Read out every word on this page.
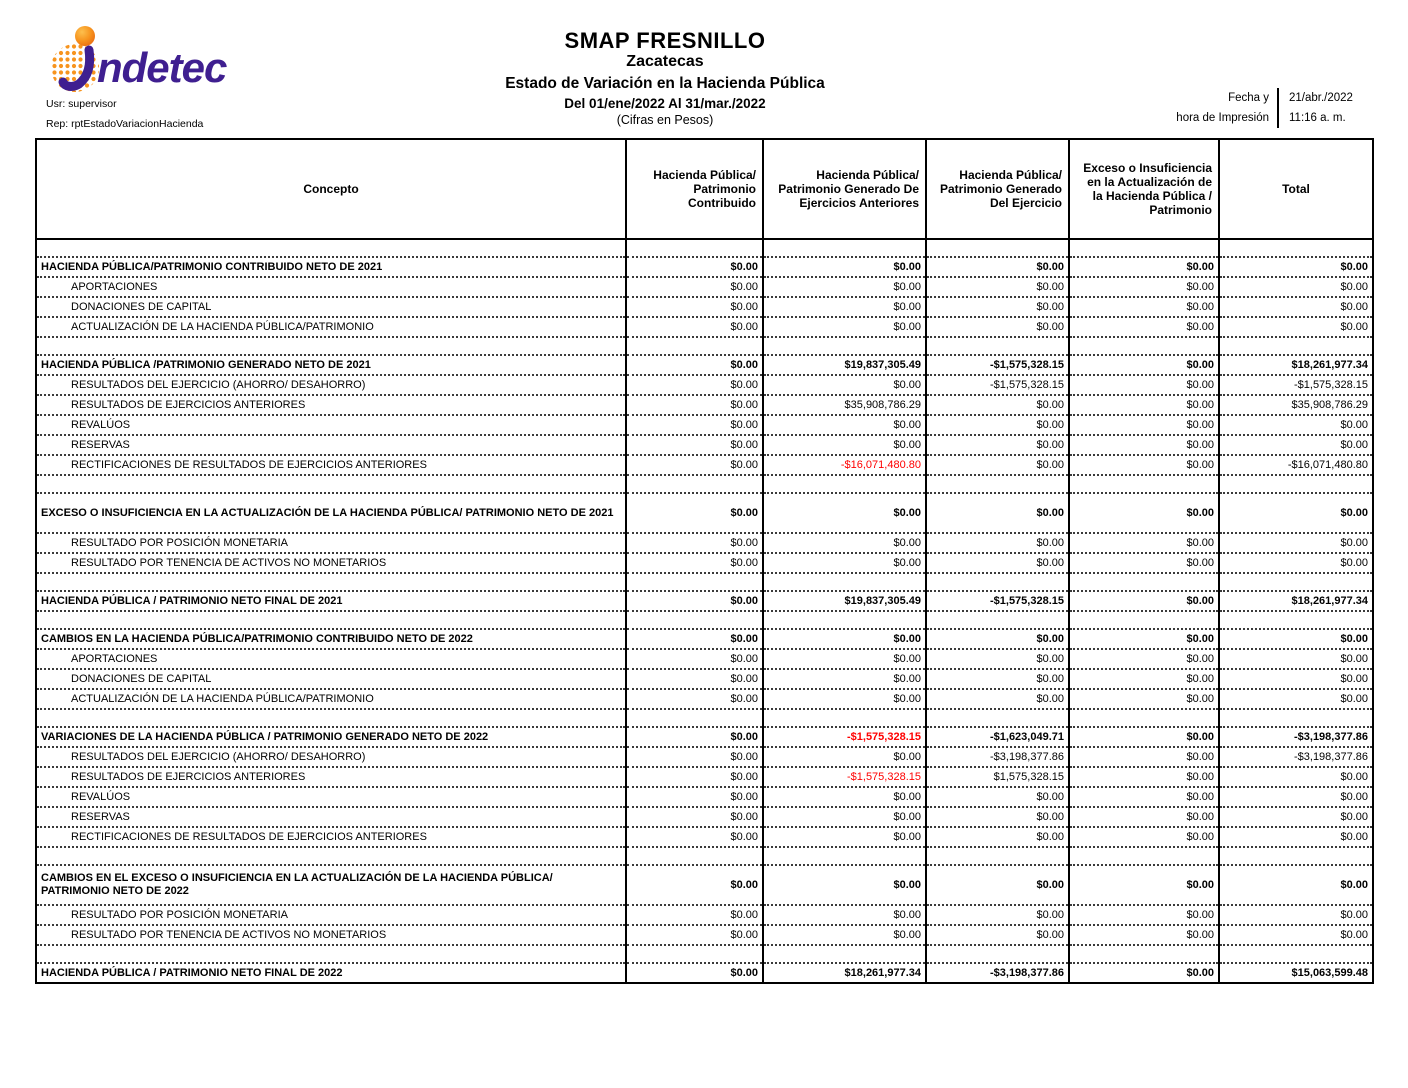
ndetec
Usr: supervisor
Rep: rptEstadoVariacionHacienda
SMAP FRESNILLO
Zacatecas
Estado de Variación en la Hacienda Pública
Del 01/ene/2022 Al 31/mar./2022
(Cifras en Pesos)
Fecha y	21/abr./2022
hora de Impresión	11:16 a. m.
Concepto	Hacienda Pública/ Patrimonio Contribuido	Hacienda Pública/ Patrimonio Generado De Ejercicios Anteriores	Hacienda Pública/ Patrimonio Generado Del Ejercicio	Exceso o Insuficiencia en la Actualización de la Hacienda Pública / Patrimonio	Total

HACIENDA PÚBLICA/PATRIMONIO CONTRIBUIDO NETO DE 2021	$0.00	$0.00	$0.00	$0.00	$0.00
APORTACIONES	$0.00	$0.00	$0.00	$0.00	$0.00
DONACIONES DE CAPITAL	$0.00	$0.00	$0.00	$0.00	$0.00
ACTUALIZACIÓN DE LA HACIENDA PÚBLICA/PATRIMONIO	$0.00	$0.00	$0.00	$0.00	$0.00

HACIENDA PÚBLICA /PATRIMONIO GENERADO NETO DE 2021	$0.00	$19,837,305.49	-$1,575,328.15	$0.00	$18,261,977.34
RESULTADOS DEL EJERCICIO (AHORRO/ DESAHORRO)	$0.00	$0.00	-$1,575,328.15	$0.00	-$1,575,328.15
RESULTADOS DE EJERCICIOS ANTERIORES	$0.00	$35,908,786.29	$0.00	$0.00	$35,908,786.29
REVALÚOS	$0.00	$0.00	$0.00	$0.00	$0.00
RESERVAS	$0.00	$0.00	$0.00	$0.00	$0.00
RECTIFICACIONES DE RESULTADOS DE EJERCICIOS ANTERIORES	$0.00	-$16,071,480.80	$0.00	$0.00	-$16,071,480.80

EXCESO O INSUFICIENCIA EN LA ACTUALIZACIÓN DE LA HACIENDA PÚBLICA/ PATRIMONIO NETO DE 2021	$0.00	$0.00	$0.00	$0.00	$0.00
RESULTADO POR POSICIÓN MONETARIA	$0.00	$0.00	$0.00	$0.00	$0.00
RESULTADO POR TENENCIA DE ACTIVOS NO MONETARIOS	$0.00	$0.00	$0.00	$0.00	$0.00

HACIENDA PÚBLICA / PATRIMONIO NETO FINAL DE 2021	$0.00	$19,837,305.49	-$1,575,328.15	$0.00	$18,261,977.34

CAMBIOS EN LA HACIENDA PÚBLICA/PATRIMONIO CONTRIBUIDO NETO DE 2022	$0.00	$0.00	$0.00	$0.00	$0.00
APORTACIONES	$0.00	$0.00	$0.00	$0.00	$0.00
DONACIONES DE CAPITAL	$0.00	$0.00	$0.00	$0.00	$0.00
ACTUALIZACIÓN DE LA HACIENDA PÚBLICA/PATRIMONIO	$0.00	$0.00	$0.00	$0.00	$0.00

VARIACIONES DE LA HACIENDA PÚBLICA / PATRIMONIO GENERADO NETO DE 2022	$0.00	-$1,575,328.15	-$1,623,049.71	$0.00	-$3,198,377.86
RESULTADOS DEL EJERCICIO (AHORRO/ DESAHORRO)	$0.00	$0.00	-$3,198,377.86	$0.00	-$3,198,377.86
RESULTADOS DE EJERCICIOS ANTERIORES	$0.00	-$1,575,328.15	$1,575,328.15	$0.00	$0.00
REVALÚOS	$0.00	$0.00	$0.00	$0.00	$0.00
RESERVAS	$0.00	$0.00	$0.00	$0.00	$0.00
RECTIFICACIONES DE RESULTADOS DE EJERCICIOS ANTERIORES	$0.00	$0.00	$0.00	$0.00	$0.00

CAMBIOS EN EL EXCESO O INSUFICIENCIA EN LA ACTUALIZACIÓN DE LA HACIENDA PÚBLICA/ PATRIMONIO NETO DE 2022	$0.00	$0.00	$0.00	$0.00	$0.00
RESULTADO POR POSICIÓN MONETARIA	$0.00	$0.00	$0.00	$0.00	$0.00
RESULTADO POR TENENCIA DE ACTIVOS NO MONETARIOS	$0.00	$0.00	$0.00	$0.00	$0.00

HACIENDA PÚBLICA / PATRIMONIO NETO FINAL DE 2022	$0.00	$18,261,977.34	-$3,198,377.86	$0.00	$15,063,599.48
